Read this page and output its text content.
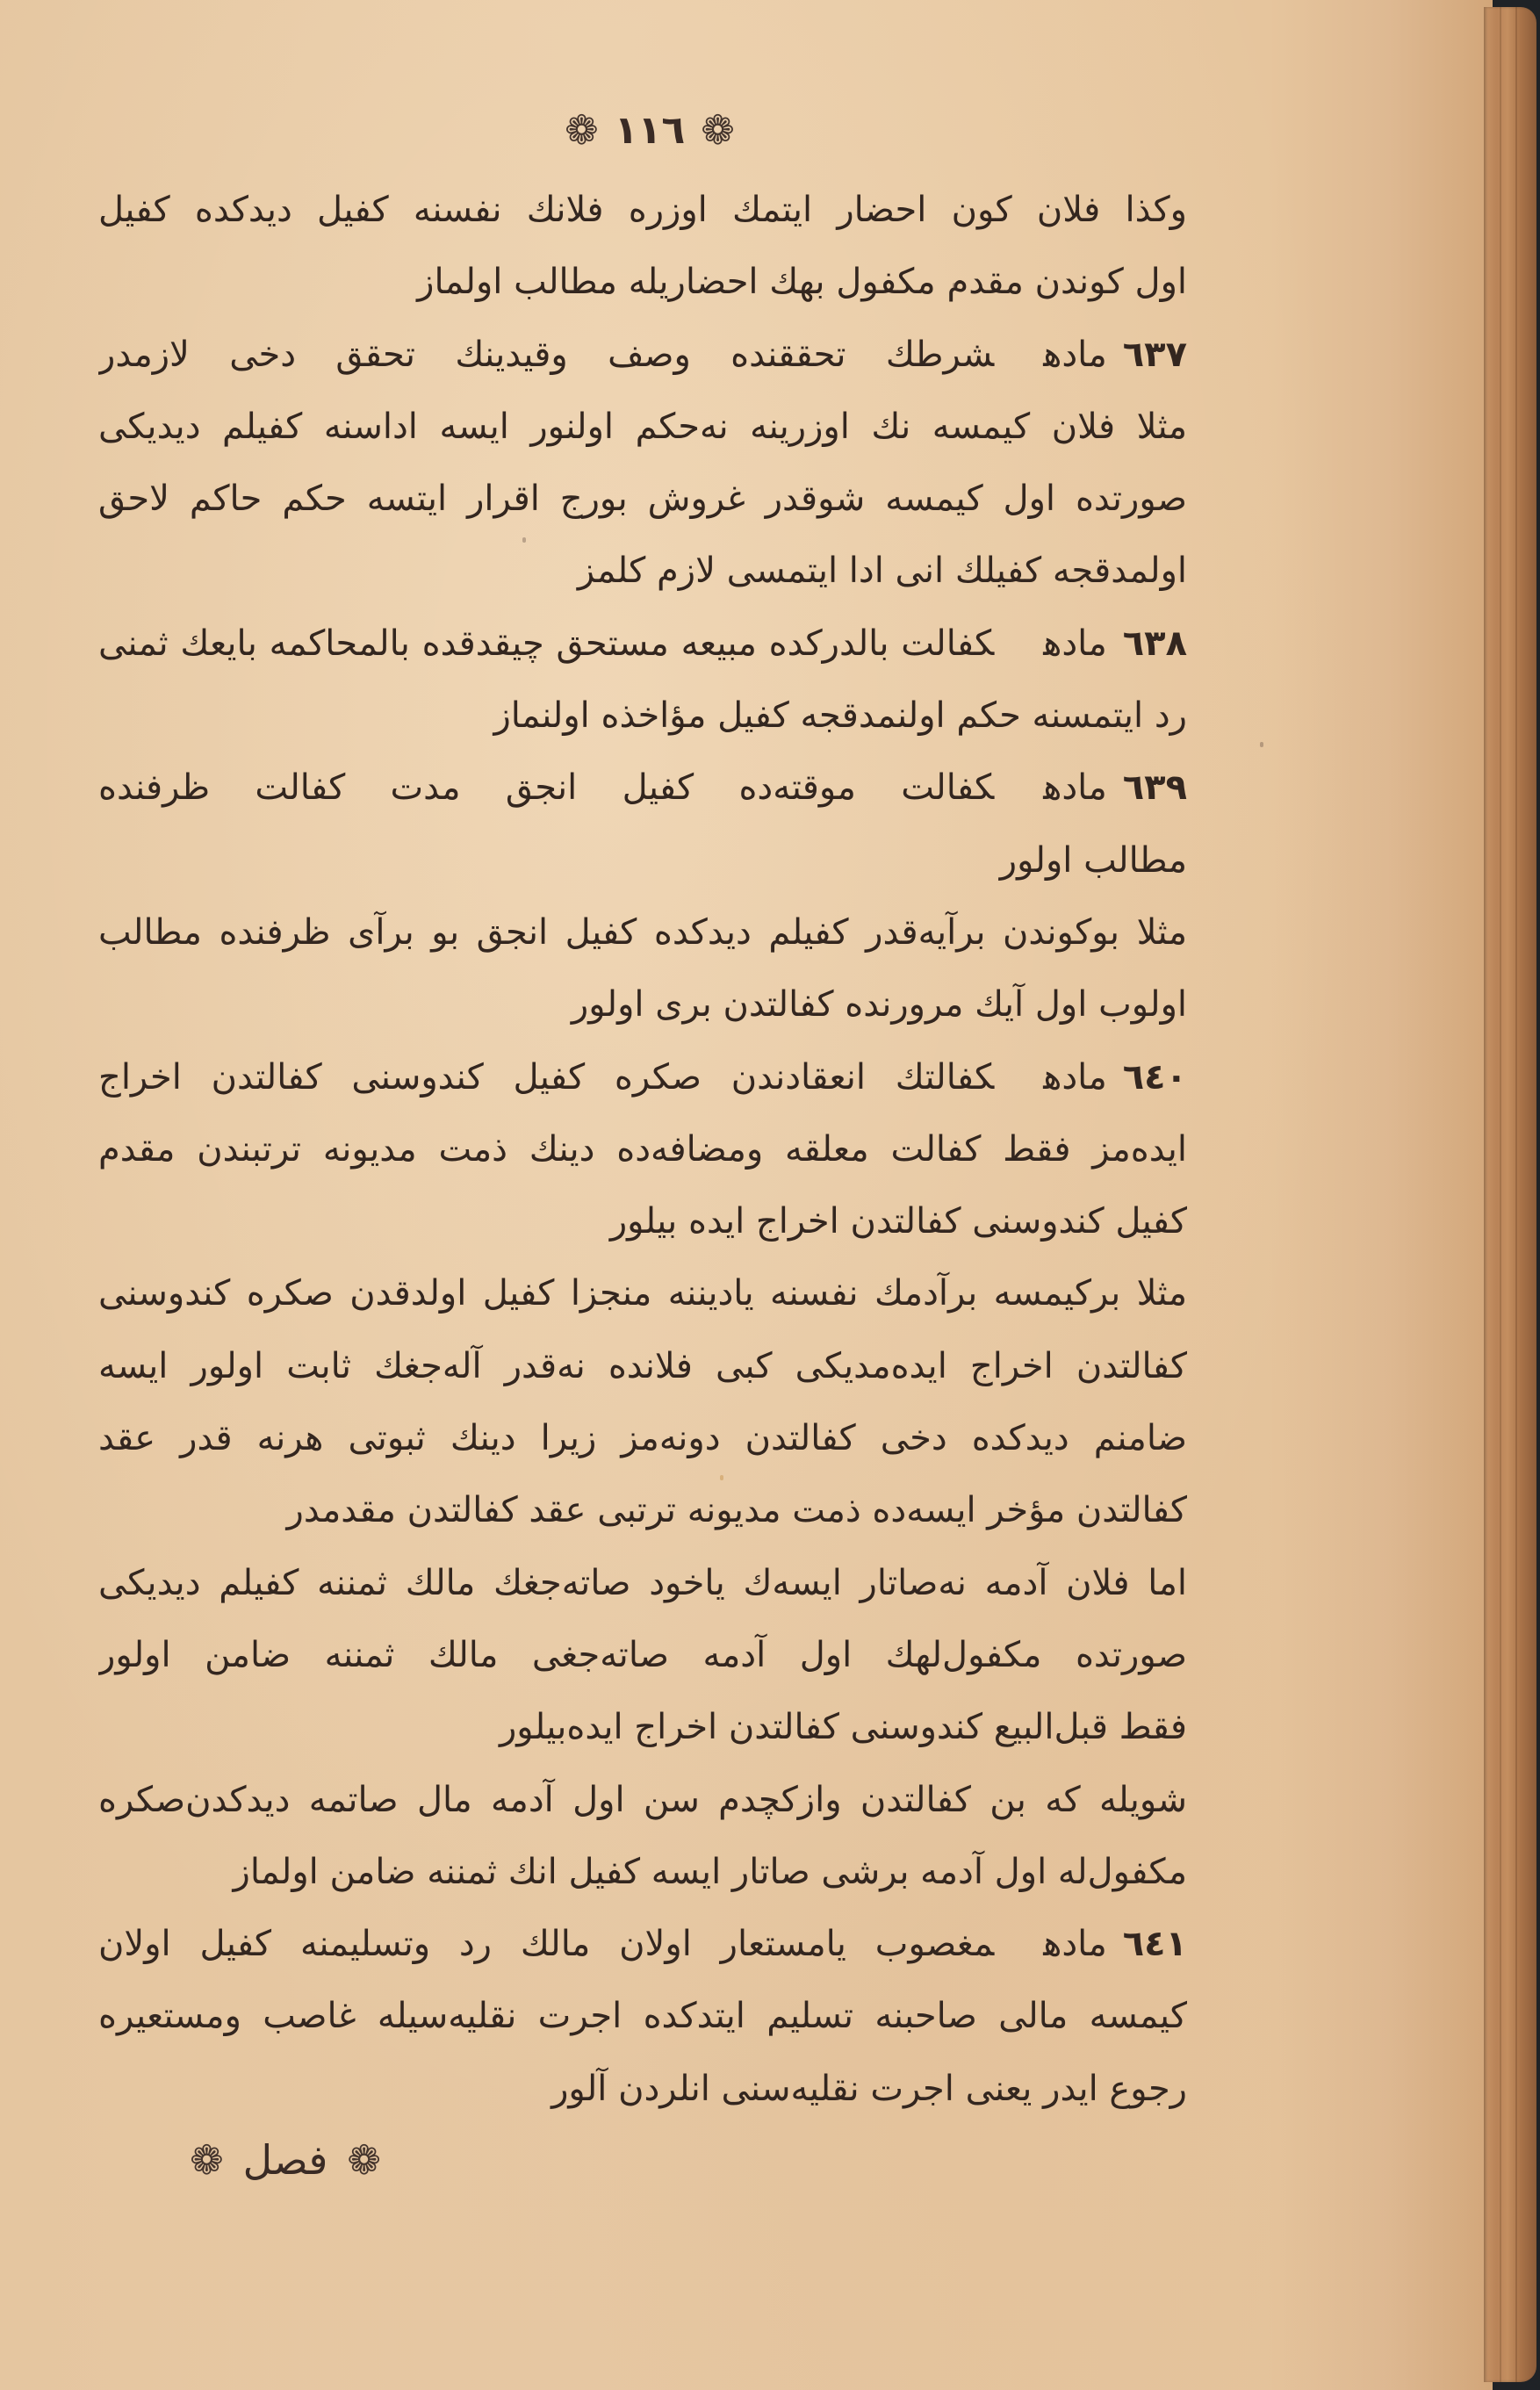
❁ ١١٦ ❁
وکذا فلان کون احضار ایتمك اوزره فلانك نفسنه کفیل دیدکده کفیل
اول کوندن مقدم مکفول بهك احضاریله مطالب اولماز
٦٣٧مادهشرطك تحققنده وصف وقیدینك تحقق دخی لازمدر
مثلا فلان کیمسه نك اوزرینه نه‌حکم اولنور ایسه اداسنه کفیلم دیدیکی
صورتده اول کیمسه شوقدر غروش بورج اقرار ایتسه حکم حاکم لاحق
اولمدقجه کفیلك انی ادا ایتمسی لازم کلمز
٦٣٨مادهکفالت بالدرکده مبیعه مستحق چیقدقده بالمحاکمه بایعك ثمنی
رد ایتمسنه حکم اولنمدقجه کفیل مؤاخذه اولنماز
٦٣٩مادهکفالت موقته‌ده کفیل انجق مدت کفالت ظرفنده
مطالب اولور
مثلا بوکوندن برآیه‌قدر کفیلم دیدکده کفیل انجق بو برآی ظرفنده مطالب
اولوب اول آیك مرورنده کفالتدن بری اولور
٦٤٠مادهکفالتك انعقادندن صکره کفیل کندوسنی کفالتدن اخراج
ایده‌مز فقط کفالت معلقه ومضافه‌ده دینك ذمت مدیونه ترتبندن مقدم
کفیل کندوسنی کفالتدن اخراج ایده بیلور
مثلا برکیمسه برآدمك نفسنه یادیننه منجزا کفیل اولدقدن صکره کندوسنی
کفالتدن اخراج ایده‌مدیکی کبی فلانده نه‌قدر آله‌جغك ثابت اولور ایسه
ضامنم دیدکده دخی کفالتدن دونه‌مز زیرا دینك ثبوتی هرنه قدر عقد
کفالتدن مؤخر ایسه‌ده ذمت مدیونه ترتبی عقد کفالتدن مقدمدر
اما فلان آدمه نه‌صاتار ایسه‌ك یاخود صاته‌جغك مالك ثمننه کفیلم دیدیکی
صورتده مکفول‌لهك اول آدمه صاته‌جغی مالك ثمننه ضامن اولور
فقط قبل‌البیع کندوسنی کفالتدن اخراج ایده‌بیلور
شویله که بن کفالتدن وازکچدم سن اول آدمه مال صاتمه دیدکدن‌صکره
مکفول‌له اول آدمه برشی صاتار ایسه کفیل انك ثمننه ضامن اولماز
٦٤١مادهمغصوب یامستعار اولان مالك رد وتسلیمنه کفیل اولان
کیمسه مالی صاحبنه تسلیم ایتدکده اجرت نقلیه‌سیله غاصب ومستعیره
رجوع ایدر یعنی اجرت نقلیه‌سنی انلردن آلور
❁
فصل
❁
